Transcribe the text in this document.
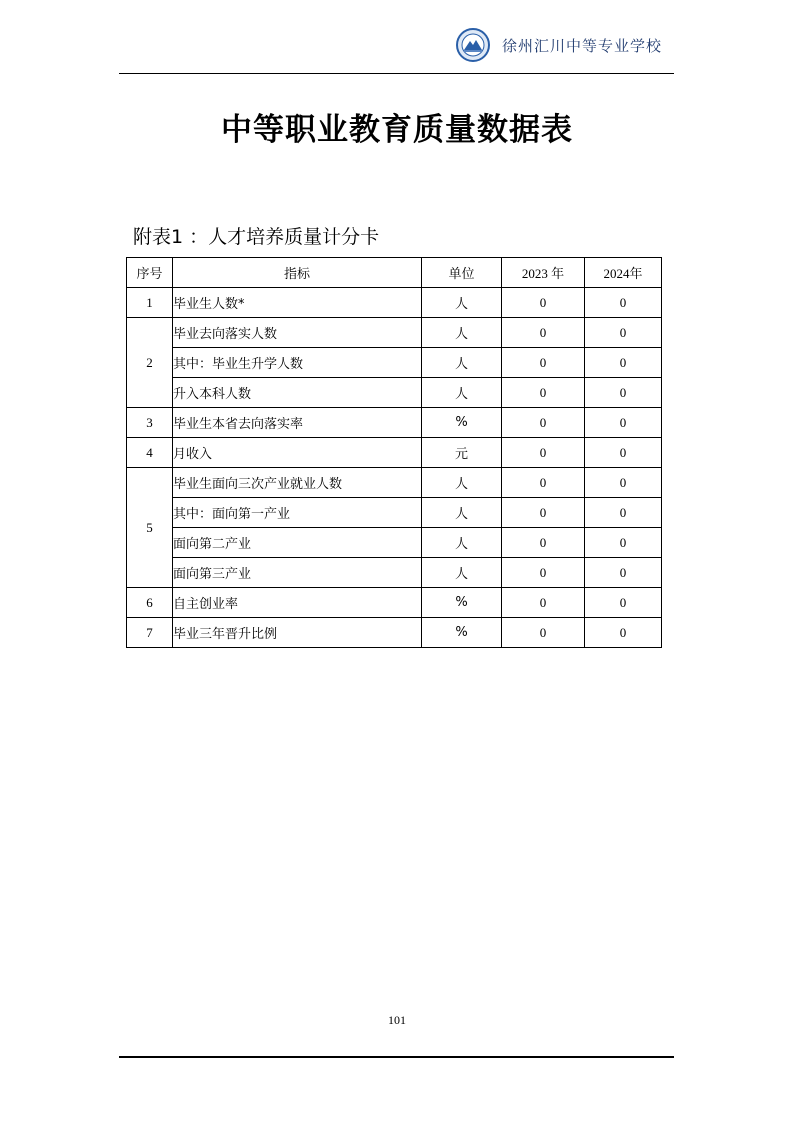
徐州汇川中等专业学校
中等职业教育质量数据表
附表1 ：人才培养质量计分卡
序号	指标	单位	2023 年	2024年
1	毕业生人数*	人	0	0
2	毕业去向落实人数	人	0	0
	其中：毕业生升学人数	人	0	0
	升入本科人数	人	0	0
3	毕业生本省去向落实率	%	0	0
4	月收入	元	0	0
5	毕业生面向三次产业就业人数	人	0	0
	其中：面向第一产业	人	0	0
	面向第二产业	人	0	0
	面向第三产业	人	0	0
6	自主创业率	%	0	0
7	毕业三年晋升比例	%	0	0
101
